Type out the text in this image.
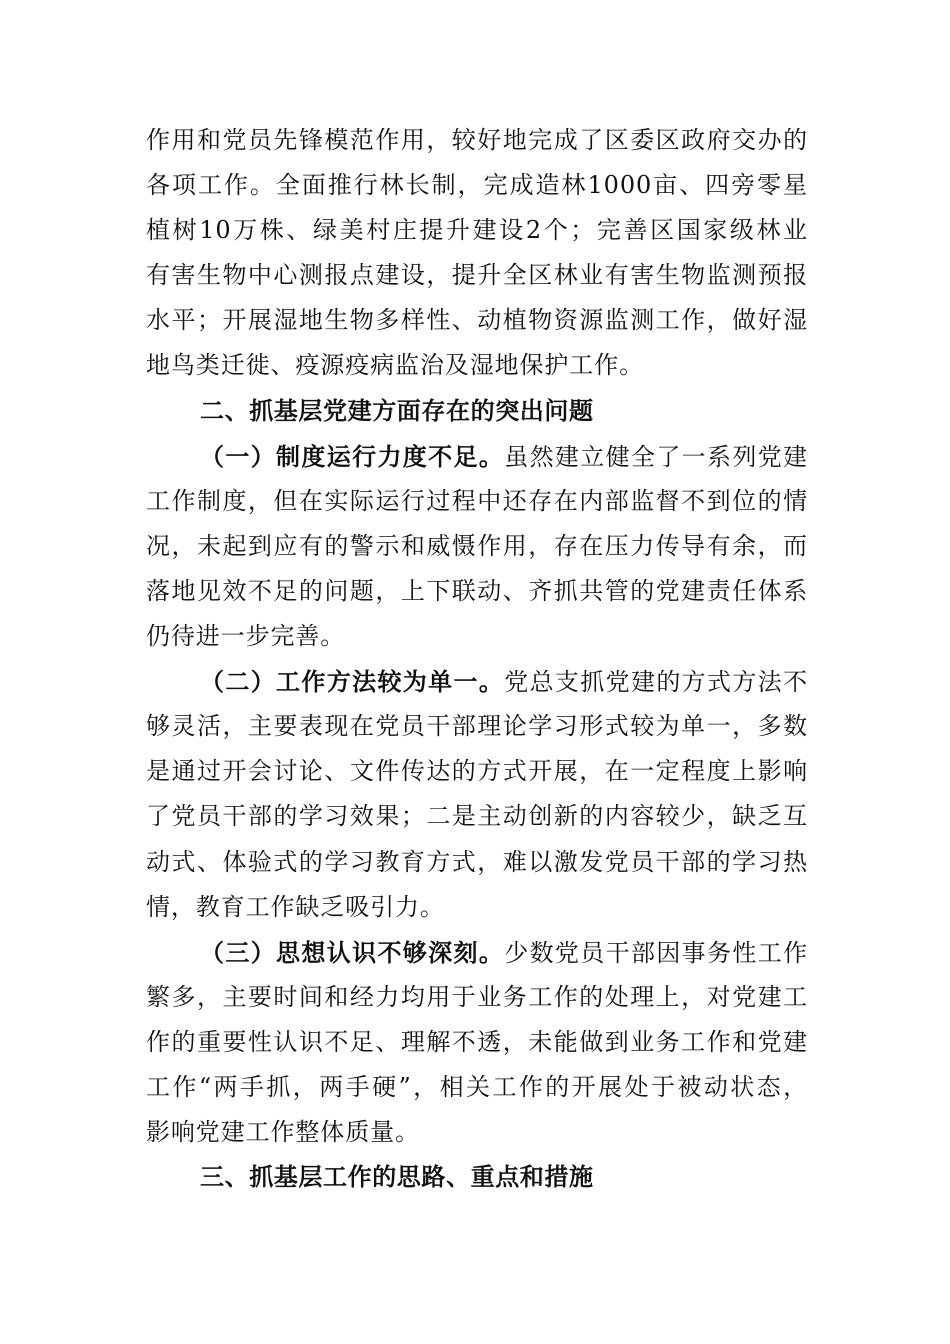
作用和党员先锋模范作用，较好地完成了区委区政府交办的
各项工作。全面推行林长制，完成造林1000亩、四旁零星
植树10万株、绿美村庄提升建设2个；完善区国家级林业
有害生物中心测报点建设，提升全区林业有害生物监测预报
水平；开展湿地生物多样性、动植物资源监测工作，做好湿
地鸟类迁徙、疫源疫病监治及湿地保护工作。
二、抓基层党建方面存在的突出问题
（一）制度运行力度不足。虽然建立健全了一系列党建
工作制度，但在实际运行过程中还存在内部监督不到位的情
况，未起到应有的警示和威慑作用，存在压力传导有余，而
落地见效不足的问题，上下联动、齐抓共管的党建责任体系
仍待进一步完善。
（二）工作方法较为单一。党总支抓党建的方式方法不
够灵活，主要表现在党员干部理论学习形式较为单一，多数
是通过开会讨论、文件传达的方式开展，在一定程度上影响
了党员干部的学习效果；二是主动创新的内容较少，缺乏互
动式、体验式的学习教育方式，难以激发党员干部的学习热
情，教育工作缺乏吸引力。
（三）思想认识不够深刻。少数党员干部因事务性工作
繁多，主要时间和经力均用于业务工作的处理上，对党建工
作的重要性认识不足、理解不透，未能做到业务工作和党建
工作“两手抓，两手硬”，相关工作的开展处于被动状态，
影响党建工作整体质量。
三、抓基层工作的思路、重点和措施
